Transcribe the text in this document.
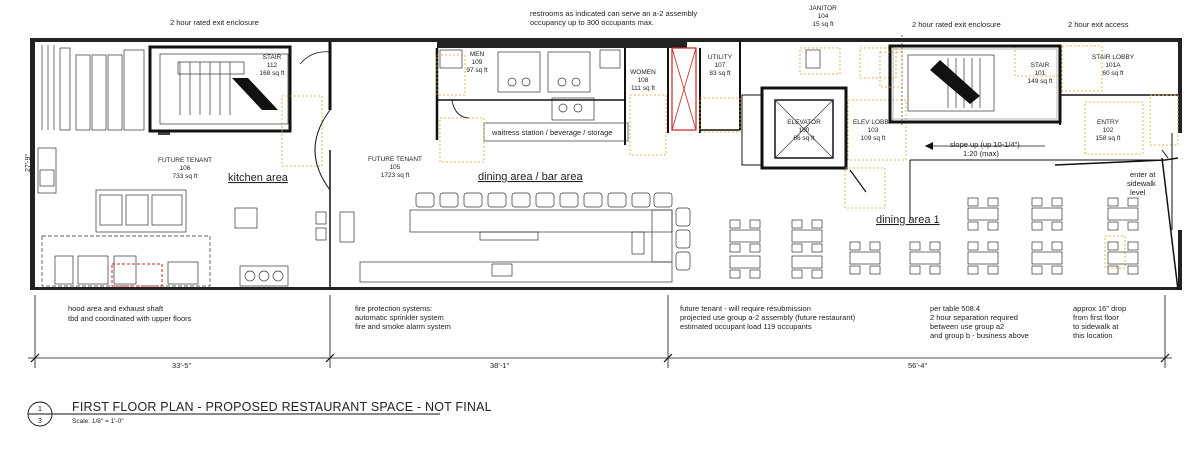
2 hour rated exit enclosure
restrooms as indicated can serve an a-2 assembly
occupancy up to 300 occupants max.
JANITOR
104
15 sq ft	2 hour rated exit enclosure	2 hour exit access
27'-9"	FUTURE TENANT
106
733 sq ft	kitchen area
STAIR
112
168 sq ft
MEN
109
97 sq ft	WOMEN
108
111 sq ft
waitress station / beverage / storage
UTILITY
107
83 sq ft
FUTURE TENANT
105
1723 sq ft	dining area / bar area
ELEVATOR
100
66 sq ft
ELEV LOBBY
103
109 sq ft
STAIR
101
149 sq ft
STAIR LOBBY
101A
60 sq ft
ENTRY
102
158 sq ft
slope up (up 10-1/4")
1:20 (max)
enter at
sidewalk
level
dining area 1
33'-5"	38'-1"	56'-4"
hood area and exhaust shaft
tbd and coordinated with upper floors
fire protection systems:
automatic sprinkler system
fire and smoke alarm system
future tenant - will require resubmission
projected use group a-2 assembly (future restaurant)
estimated occupant load 119 occupants
per table 508.4
2 hour separation required
between use group a2
and group b - business above
approx 16" drop
from first floor
to sidewalk at
this location
1
3
FIRST FLOOR PLAN - PROPOSED RESTAURANT SPACE - NOT FINAL
Scale: 1/8" = 1'-0"
